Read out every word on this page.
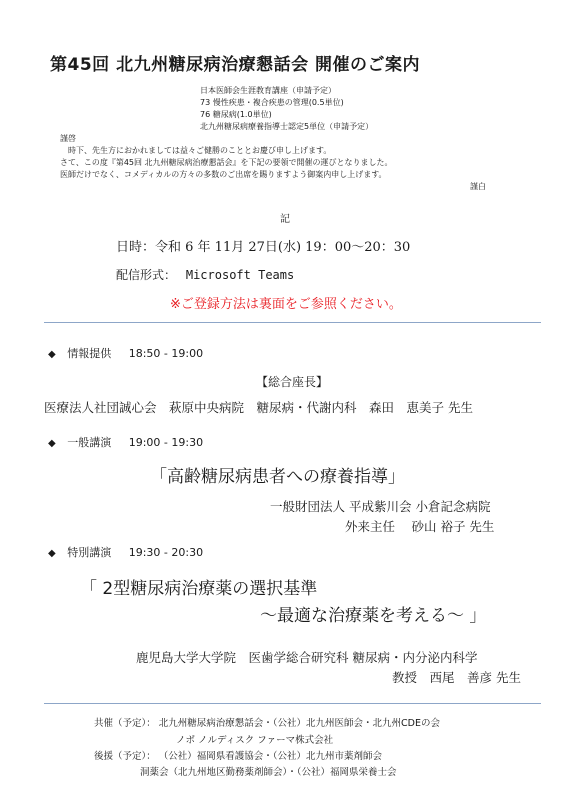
第45回 北九州糖尿病治療懇話会 開催のご案内
日本医師会生涯教育講座（申請予定）
73 慢性疾患・複合疾患の管理(0.5単位)
76 糖尿病(1.0単位)
北九州糖尿病療養指導士認定5単位（申請予定）
謹啓
時下、先生方におかれましては益々ご健勝のこととお慶び申し上げます。
さて、この度『第45回 北九州糖尿病治療懇話会』を下記の要領で開催の運びとなりました。
医師だけでなく、コメディカルの方々の多数のご出席を賜りますよう御案内申し上げます。
謹白
記
日時：令和 6 年 11月 27日(水) 19：00～20：30
配信形式： Microsoft Teams
※ご登録方法は裏面をご参照ください。
◆ 情報提供 18:50 - 19:00
【総合座長】
医療法人社団誠心会　萩原中央病院　糖尿病・代謝内科　森田　恵美子 先生
◆ 一般講演 19:00 - 19:30
「高齢糖尿病患者への療養指導」
一般財団法人 平成紫川会 小倉記念病院
外来主任　 砂山 裕子 先生
◆ 特別講演 19:30 - 20:30
「 2型糖尿病治療薬の選択基準
～最適な治療薬を考える～ 」
鹿児島大学大学院　医歯学総合研究科 糖尿病・内分泌内科学
教授　西尾　善彦 先生
共催（予定）： 北九州糖尿病治療懇話会・（公社）北九州医師会・北九州CDEの会
ノボ ノルディスク ファーマ株式会社
後援（予定）： （公社）福岡県看護協会・（公社）北九州市薬剤師会
洞薬会（北九州地区勤務薬剤師会）・（公社）福岡県栄養士会
